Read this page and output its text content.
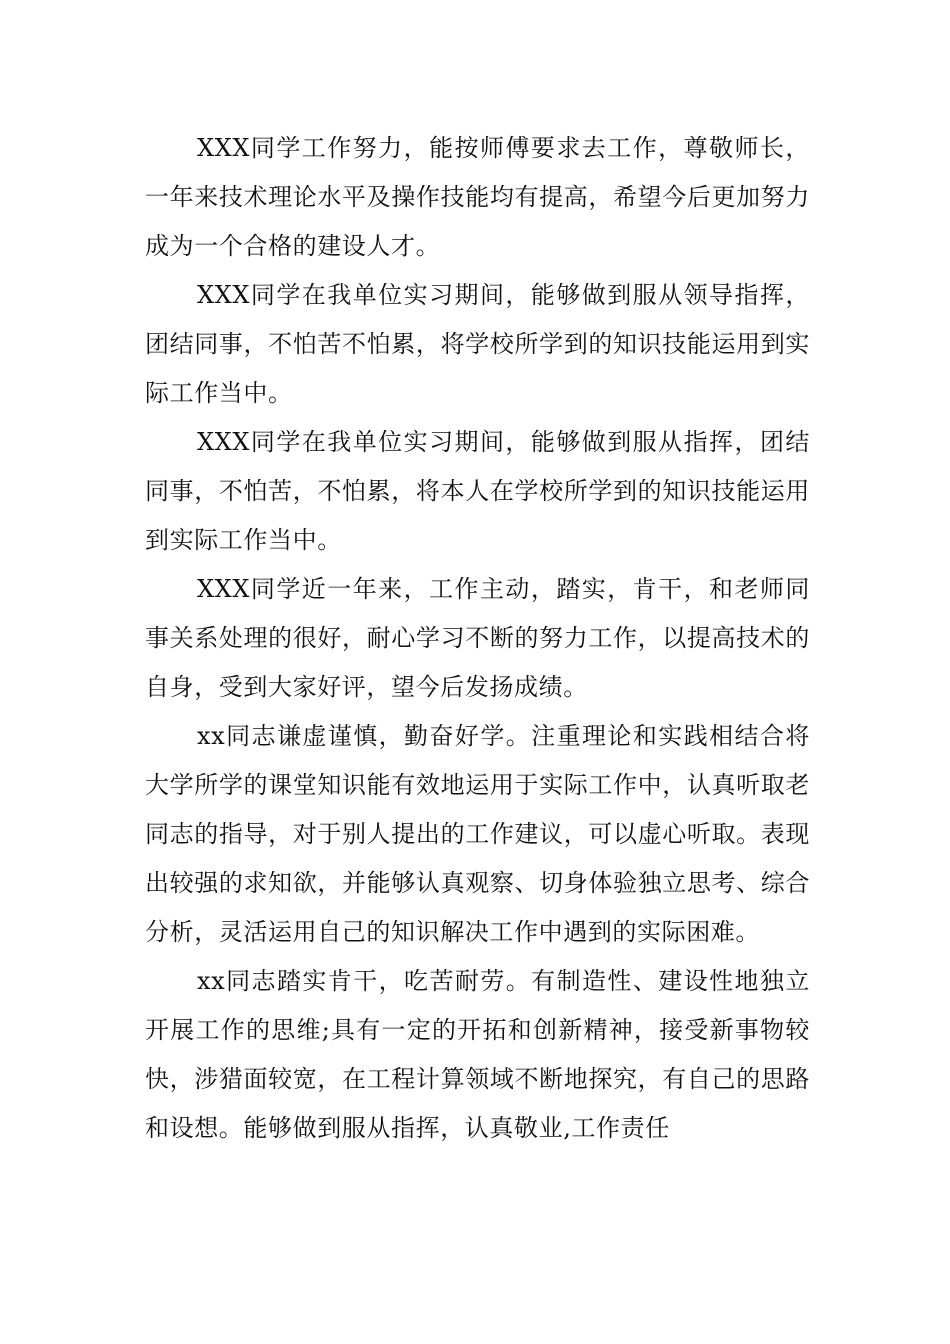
XXX同学工作努力，能按师傅要求去工作，尊敬师长，一年来技术理论水平及操作技能均有提高，希望今后更加努力成为一个合格的建设人才。

XXX同学在我单位实习期间，能够做到服从领导指挥，团结同事，不怕苦不怕累，将学校所学到的知识技能运用到实际工作当中。

XXX同学在我单位实习期间，能够做到服从指挥，团结同事，不怕苦，不怕累，将本人在学校所学到的知识技能运用到实际工作当中。

XXX同学近一年来，工作主动，踏实，肯干，和老师同事关系处理的很好，耐心学习不断的努力工作，以提高技术的自身，受到大家好评，望今后发扬成绩。

xx同志谦虚谨慎，勤奋好学。注重理论和实践相结合将大学所学的课堂知识能有效地运用于实际工作中，认真听取老同志的指导，对于别人提出的工作建议，可以虚心听取。表现出较强的求知欲，并能够认真观察、切身体验独立思考、综合分析，灵活运用自己的知识解决工作中遇到的实际困难。

xx同志踏实肯干，吃苦耐劳。有制造性、建设性地独立开展工作的思维;具有一定的开拓和创新精神，接受新事物较快，涉猎面较宽，在工程计算领域不断地探究，有自己的思路和设想。能够做到服从指挥，认真敬业,工作责任
